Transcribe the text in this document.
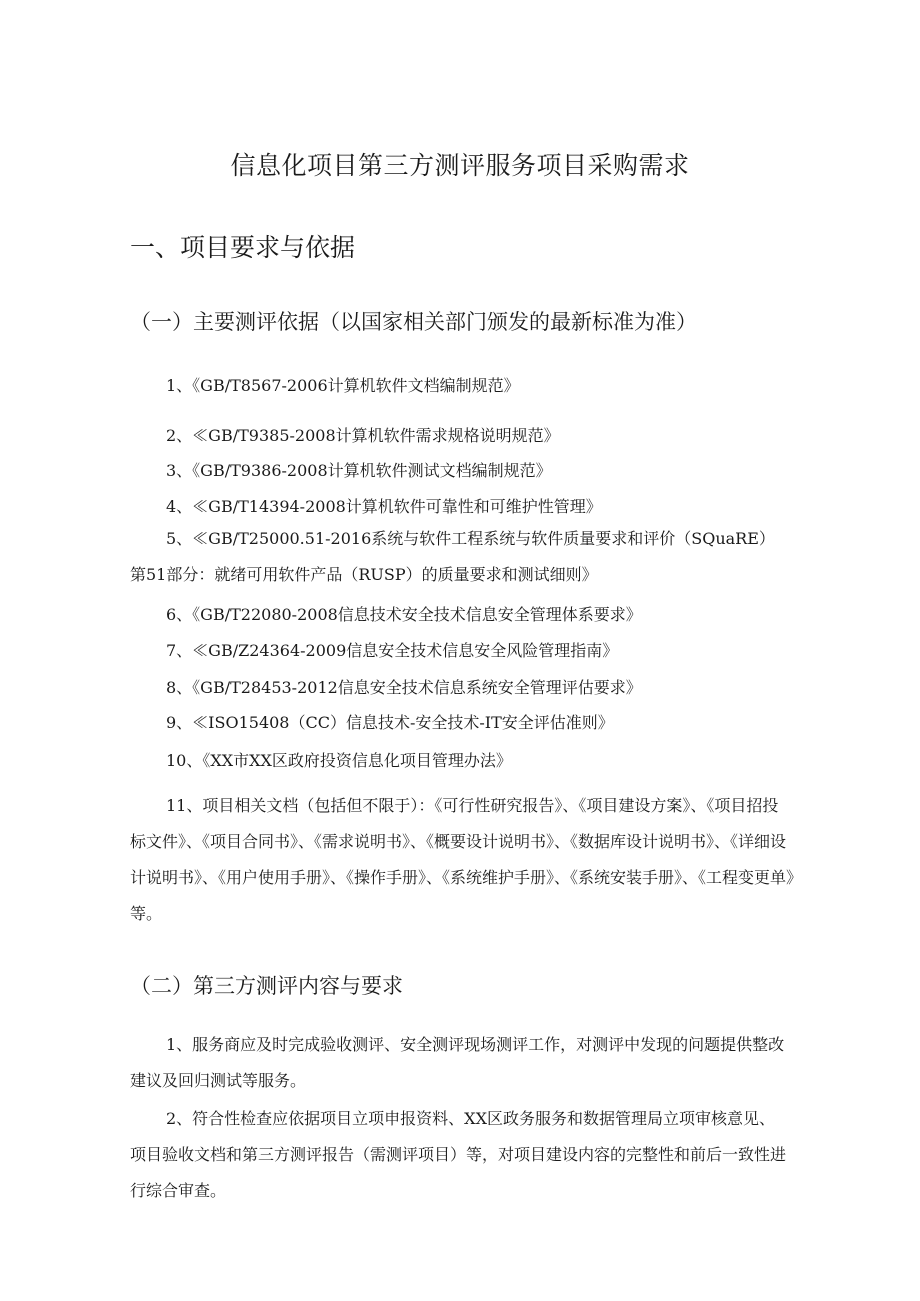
信息化项目第三方测评服务项目采购需求
一、项目要求与依据
（一）主要测评依据（以国家相关部门颁发的最新标准为准）
1、《GB/T8567-2006计算机软件文档编制规范》
2、≪GB/T9385-2008计算机软件需求规格说明规范》
3、《GB/T9386-2008计算机软件测试文档编制规范》
4、≪GB/T14394-2008计算机软件可靠性和可维护性管理》
5、≪GB/T25000.51-2016系统与软件工程系统与软件质量要求和评价（SQuaRE）第51部分：就绪可用软件产品（RUSP）的质量要求和测试细则》
6、《GB/T22080-2008信息技术安全技术信息安全管理体系要求》
7、≪GB/Z24364-2009信息安全技术信息安全风险管理指南》
8、《GB/T28453-2012信息安全技术信息系统安全管理评估要求》
9、≪ISO15408（CC）信息技术-安全技术-IT安全评估准则》
10、《XX市XX区政府投资信息化项目管理办法》
11、项目相关文档（包括但不限于）：《可行性研究报告》、《项目建设方案》、《项目招投标文件》、《项目合同书》、《需求说明书》、《概要设计说明书》、《数据库设计说明书》、《详细设计说明书》、《用户使用手册》、《操作手册》、《系统维护手册》、《系统安装手册》、《工程变更单》等。
（二）第三方测评内容与要求
1、服务商应及时完成验收测评、安全测评现场测评工作，对测评中发现的问题提供整改建议及回归测试等服务。
2、符合性检查应依据项目立项申报资料、XX区政务服务和数据管理局立项审核意见、项目验收文档和第三方测评报告（需测评项目）等，对项目建设内容的完整性和前后一致性进行综合审查。
